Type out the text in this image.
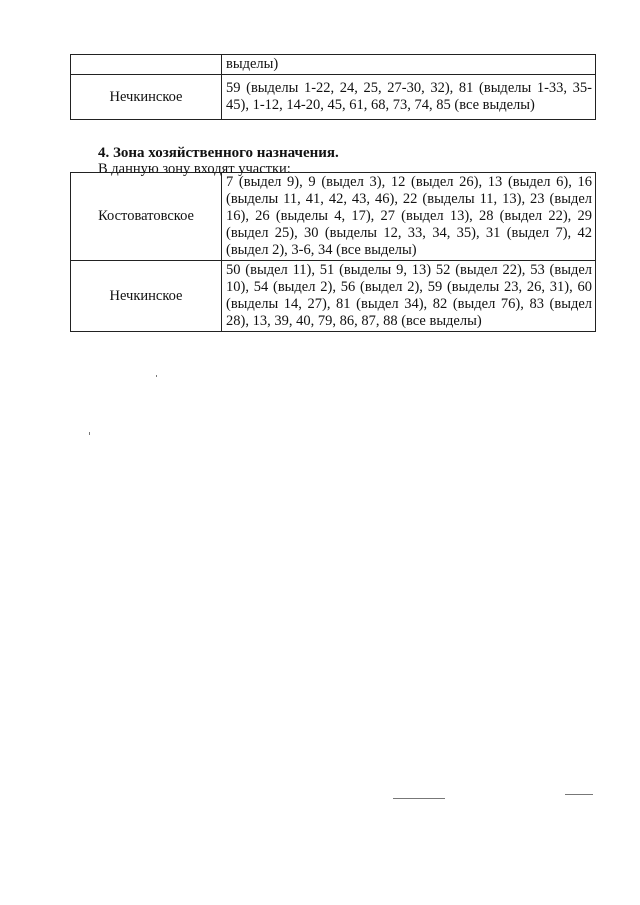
	выделы)
Нечкинское	59 (выделы 1-22, 24, 25, 27-30, 32), 81 (выделы 1-33, 35-45), 1-12, 14-20, 45, 61, 68, 73, 74, 85 (все выделы)
4. Зона хозяйственного назначения.
В данную зону входят участки:
Костоватовское	7 (выдел 9), 9 (выдел 3), 12 (выдел 26), 13 (выдел 6), 16 (выделы 11, 41, 42, 43, 46), 22 (выделы 11, 13), 23 (выдел 16), 26 (выделы 4, 17), 27 (выдел 13), 28 (выдел 22), 29 (выдел 25), 30 (выделы 12, 33, 34, 35), 31 (выдел 7), 42 (выдел 2), 3-6, 34 (все выделы)
Нечкинское	50 (выдел 11), 51 (выделы 9, 13) 52 (выдел 22), 53 (выдел 10), 54 (выдел 2), 56 (выдел 2), 59 (выделы 23, 26, 31), 60 (выделы 14, 27), 81 (выдел 34), 82 (выдел 76), 83 (выдел 28), 13, 39, 40, 79, 86, 87, 88 (все выделы)
